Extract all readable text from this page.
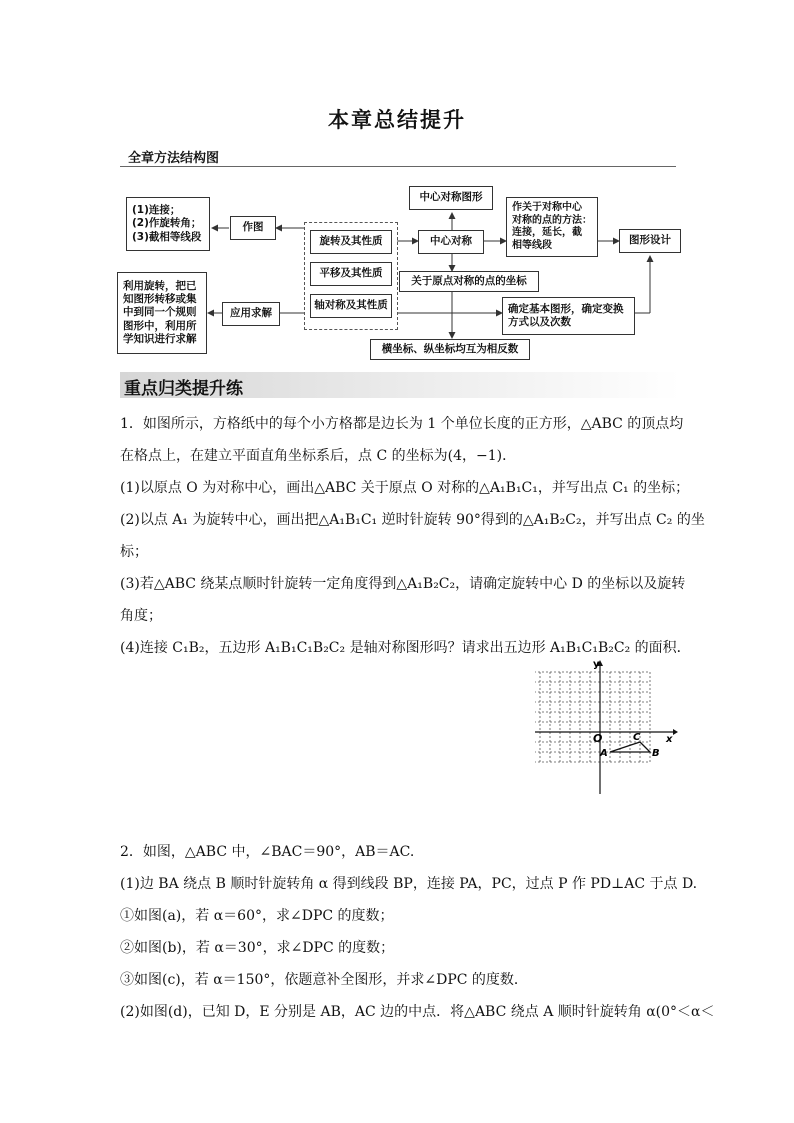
本章总结提升
全章方法结构图
(1)连接；
(2)作旋转角；
(3)截相等线段
作图
利用旋转，把已
知图形转移或集
中到同一个规则
图形中，利用所
学知识进行求解
应用求解
旋转及其性质
平移及其性质
轴对称及其性质
中心对称图形
中心对称
作关于对称中心
对称的点的方法：
连接，延长，截
相等线段	图形设计
关于原点对称的点的坐标
确定基本图形，确定变换
方式以及次数
横坐标、纵坐标均互为相反数
重点归类提升练
1．如图所示，方格纸中的每个小方格都是边长为 1 个单位长度的正方形，△ABC 的顶点均
在格点上，在建立平面直角坐标系后，点 C 的坐标为(4，−1)．
(1)以原点 O 为对称中心，画出△ABC 关于原点 O 对称的△A₁B₁C₁，并写出点 C₁ 的坐标；
(2)以点 A₁ 为旋转中心，画出把△A₁B₁C₁ 逆时针旋转 90°得到的△A₁B₂C₂，并写出点 C₂ 的坐
标；
(3)若△ABC 绕某点顺时针旋转一定角度得到△A₁B₂C₂，请确定旋转中心 D 的坐标以及旋转
角度；
(4)连接 C₁B₂，五边形 A₁B₁C₁B₂C₂ 是轴对称图形吗？请求出五边形 A₁B₁C₁B₂C₂ 的面积．
y
x
O
A	B
C
2．如图，△ABC 中，∠BAC＝90°，AB＝AC.
(1)边 BA 绕点 B 顺时针旋转角 α 得到线段 BP，连接 PA，PC，过点 P 作 PD⊥AC 于点 D.
①如图(a)，若 α＝60°，求∠DPC 的度数；
②如图(b)，若 α＝30°，求∠DPC 的度数；
③如图(c)，若 α＝150°，依题意补全图形，并求∠DPC 的度数．
(2)如图(d)，已知 D，E 分别是 AB，AC 边的中点．将△ABC 绕点 A 顺时针旋转角 α(0°＜α＜
